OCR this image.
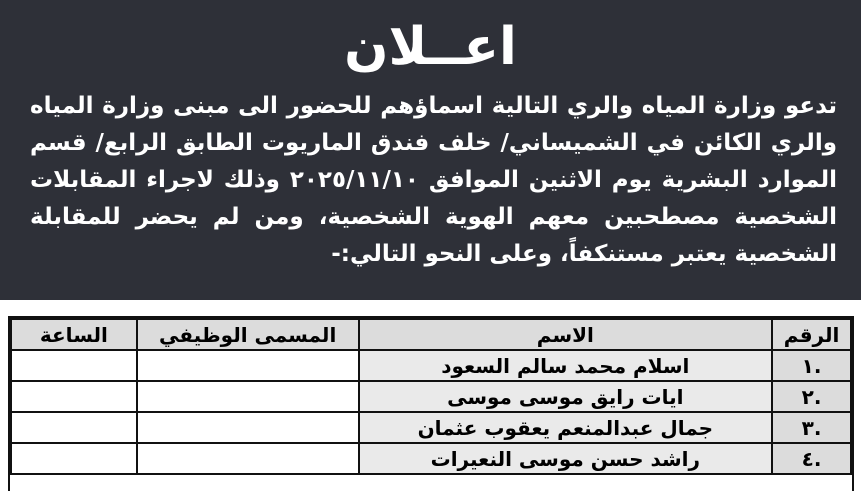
اعــلان
تدعو وزارة المياه والري التالية اسماؤهم للحضور الى مبنى وزارة المياه والري الكائن في الشميساني/ خلف فندق الماريوت الطابق الرابع/ قسم الموارد البشرية يوم الاثنين الموافق ٢٠٢٥/١١/١٠ وذلك لاجراء المقابلات الشخصية مصطحبين معهم الهوية الشخصية، ومن لم يحضر للمقابلة الشخصية يعتبر مستنكفاً، وعلى النحو التالي:-
الرقم	الاسم	المسمى الوظيفي	الساعة
.١	اسلام محمد سالم السعود		
.٢	ايات رايق موسى موسى		
.٣	جمال عبدالمنعم يعقوب عثمان		
.٤	راشد حسن موسى النعيرات		
